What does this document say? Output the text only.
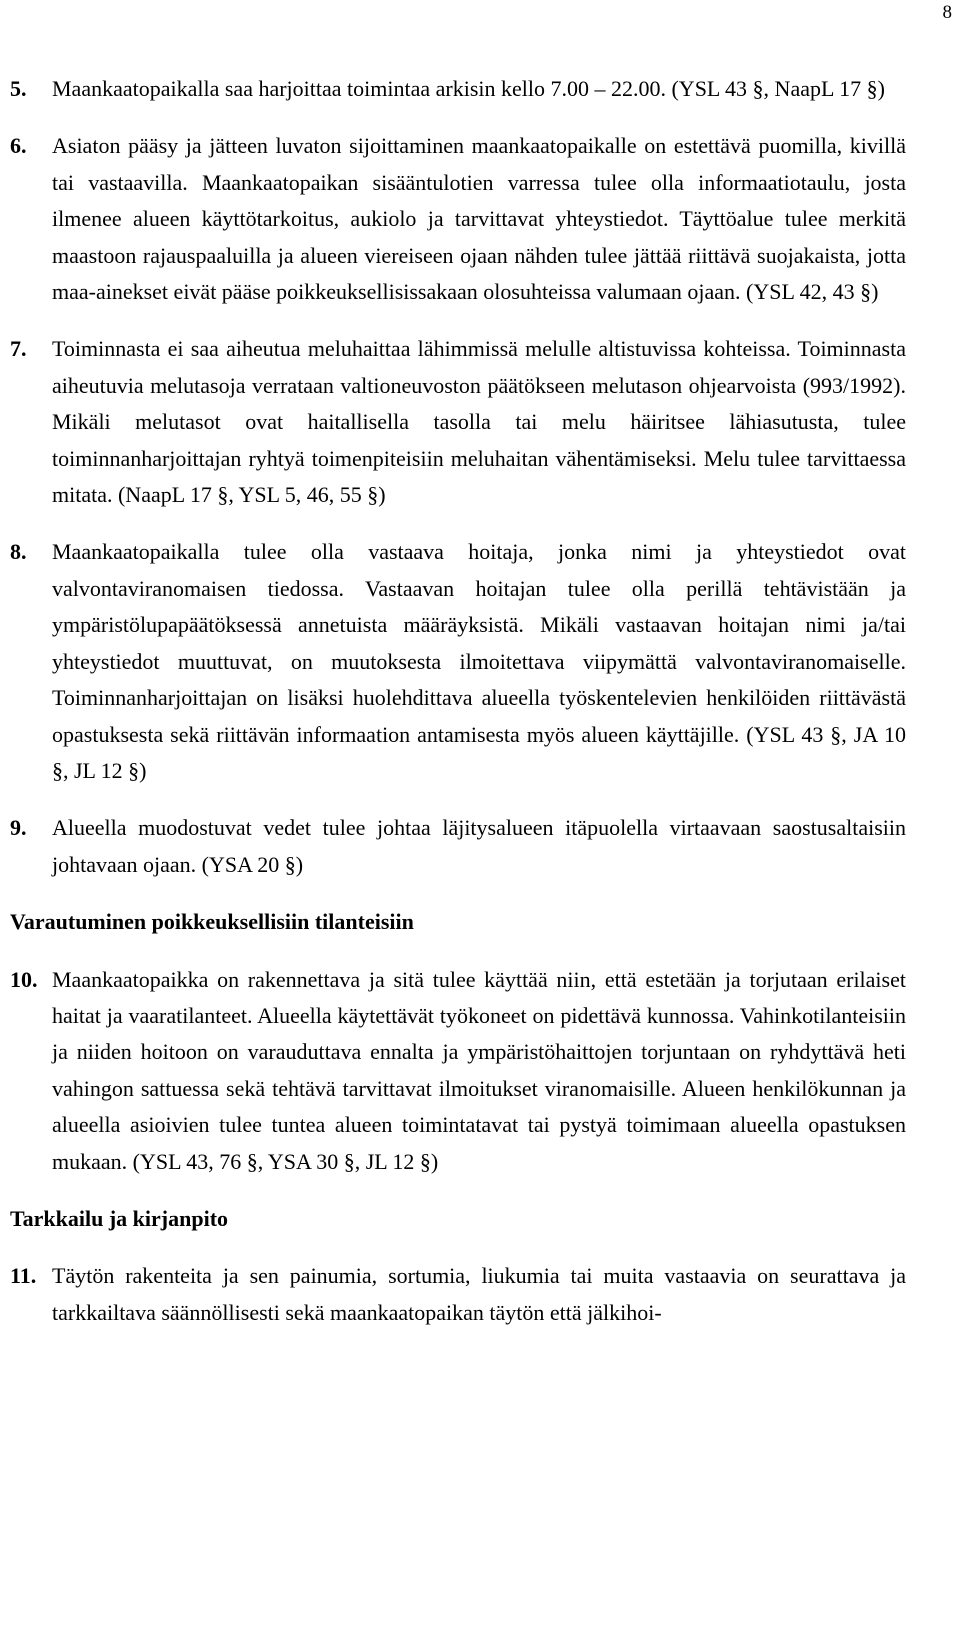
8
5.	Maankaatopaikalla saa harjoittaa toimintaa arkisin kello 7.00 – 22.00. (YSL 43 §, NaapL 17 §)
6.	Asiaton pääsy ja jätteen luvaton sijoittaminen maankaatopaikalle on estettävä puomilla, kivillä tai vastaavilla. Maankaatopaikan sisääntulotien varressa tulee olla informaatiotaulu, josta ilmenee alueen käyttötarkoitus, aukiolo ja tarvittavat yhteystiedot. Täyttöalue tulee merkitä maastoon rajauspaaluilla ja alueen viereiseen ojaan nähden tulee jättää riittävä suojakaista, jotta maa-ainekset eivät pääse poikkeuksellisissakaan olosuhteissa valumaan ojaan. (YSL 42, 43 §)
7.	Toiminnasta ei saa aiheutua meluhaittaa lähimmissä melulle altistuvissa kohteissa. Toiminnasta aiheutuvia melutasoja verrataan valtioneuvoston päätökseen melutason ohjearvoista (993/1992). Mikäli melutasot ovat haitallisella tasolla tai melu häiritsee lähiasutusta, tulee toiminnanharjoittajan ryhtyä toimenpiteisiin meluhaitan vähentämiseksi. Melu tulee tarvittaessa mitata. (NaapL 17 §, YSL 5, 46, 55 §)
8.	Maankaatopaikalla tulee olla vastaava hoitaja, jonka nimi ja yhteystiedot ovat valvontaviranomaisen tiedossa. Vastaavan hoitajan tulee olla perillä tehtävistään ja ympäristölupapäätöksessä annetuista määräyksistä. Mikäli vastaavan hoitajan nimi ja/tai yhteystiedot muuttuvat, on muutoksesta ilmoitettava viipymättä valvontaviranomaiselle. Toiminnanharjoittajan on lisäksi huolehdittava alueella työskentelevien henkilöiden riittävästä opastuksesta sekä riittävän informaation antamisesta myös alueen käyttäjille. (YSL 43 §, JA 10 §, JL 12 §)
9.	Alueella muodostuvat vedet tulee johtaa läjitysalueen itäpuolella virtaavaan saostusaltaisiin johtavaan ojaan. (YSA 20 §)
Varautuminen poikkeuksellisiin tilanteisiin
10. Maankaatopaikka on rakennettava ja sitä tulee käyttää niin, että estetään ja torjutaan erilaiset haitat ja vaaratilanteet. Alueella käytettävät työkoneet on pidettävä kunnossa. Vahinkotilanteisiin ja niiden hoitoon on varauduttava ennalta ja ympäristöhaittojen torjuntaan on ryhdyttävä heti vahingon sattuessa sekä tehtävä tarvittavat ilmoitukset viranomaisille. Alueen henkilökunnan ja alueella asioivien tulee tuntea alueen toimintatavat tai pystyä toimimaan alueella opastuksen mukaan. (YSL 43, 76 §, YSA 30 §, JL 12 §)
Tarkkailu ja kirjanpito
11. Täytön rakenteita ja sen painumia, sortumia, liukumia tai muita vastaavia on seurattava ja tarkkailtava säännöllisesti sekä maankaatopaikan täytön että jälkihoi-
